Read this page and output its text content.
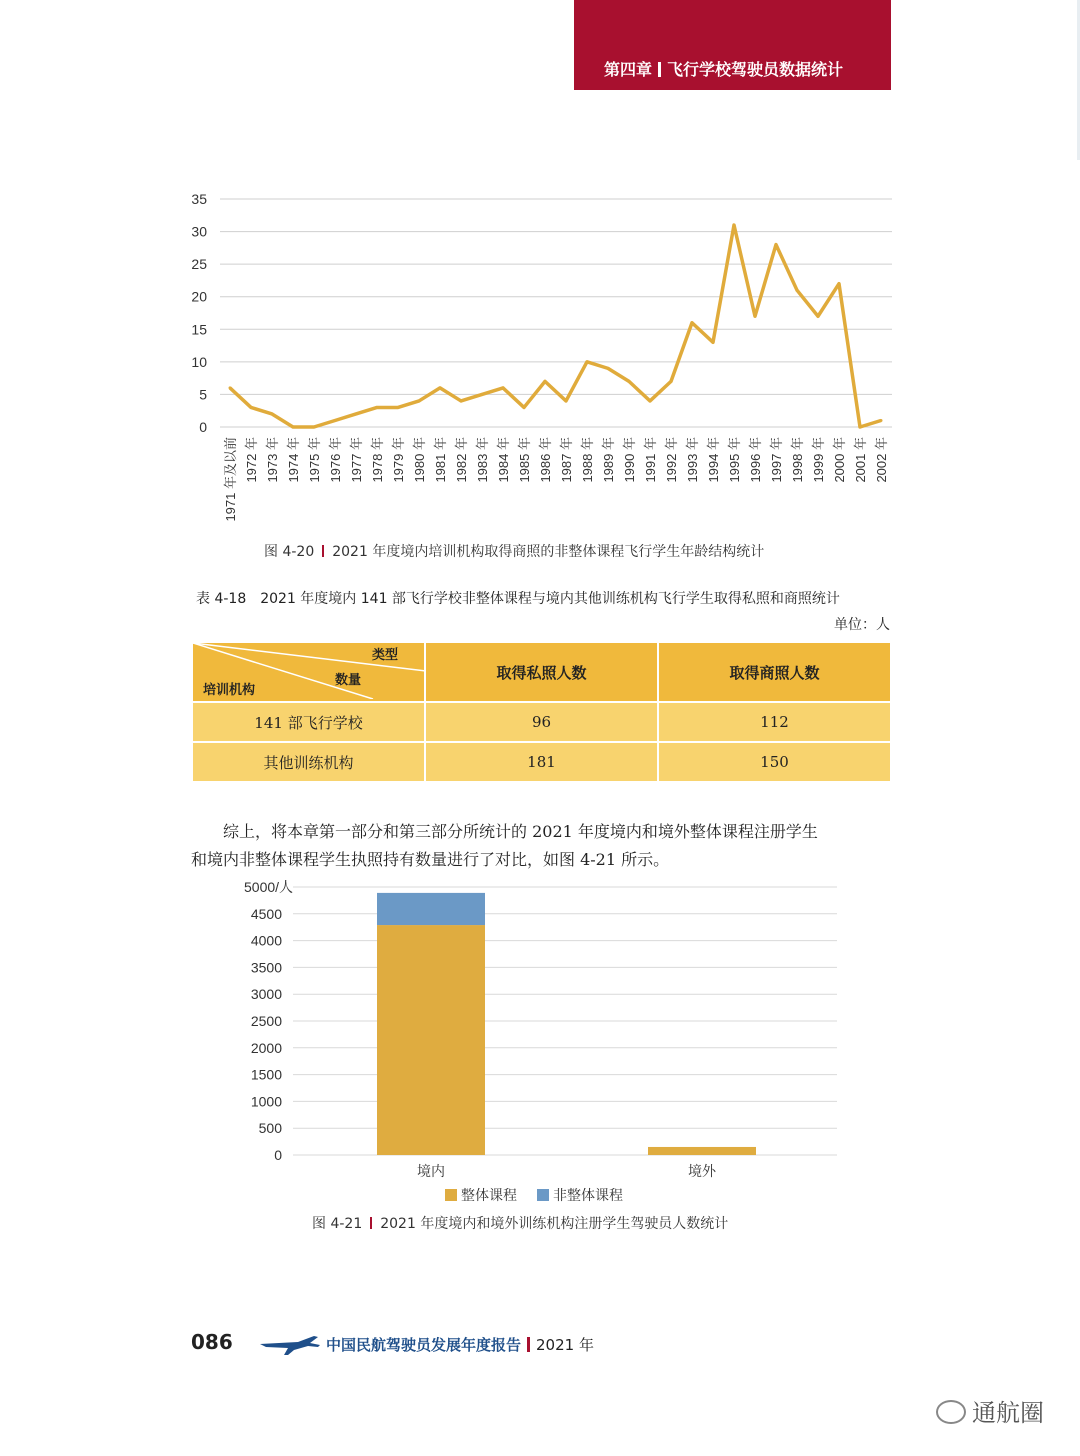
第四章 飞行学校驾驶员数据统计
0
5
10
15
20
25
30
35
1971 年及以前 1972 年 1973 年 1974 年 1975 年 1976 年 1977 年 1978 年 1979 年 1980 年 1981 年 1982 年 1983 年 1984 年 1985 年 1986 年 1987 年 1988 年 1989 年 1990 年 1991 年 1992 年 1993 年 1994 年 1995 年 1996 年 1997 年 1998 年 1999 年 2000 年 2001 年 2002 年
图 4-20 2021 年度境内培训机构取得商照的非整体课程飞行学生年龄结构统计
表 4-18　2021 年度境内 141 部飞行学校非整体课程与境内其他训练机构飞行学生取得私照和商照统计
单位：人
类型
数量
培训机构	取得私照人数	取得商照人数
141 部飞行学校	96	112
其他训练机构	181	150

综上，将本章第一部分和第三部分所统计的 2021 年度境内和境外整体课程注册学生

和境内非整体课程学生执照持有数量进行了对比，如图 4-21 所示。
0
500
1000
1500
2000
2500
3000
3500
4000
4500
5000/人
境内	境外
整体课程	非整体课程
图 4-21 2021 年度境内和境外训练机构注册学生驾驶员人数统计
086	中国民航驾驶员发展年度报告 2021 年
通航圈
